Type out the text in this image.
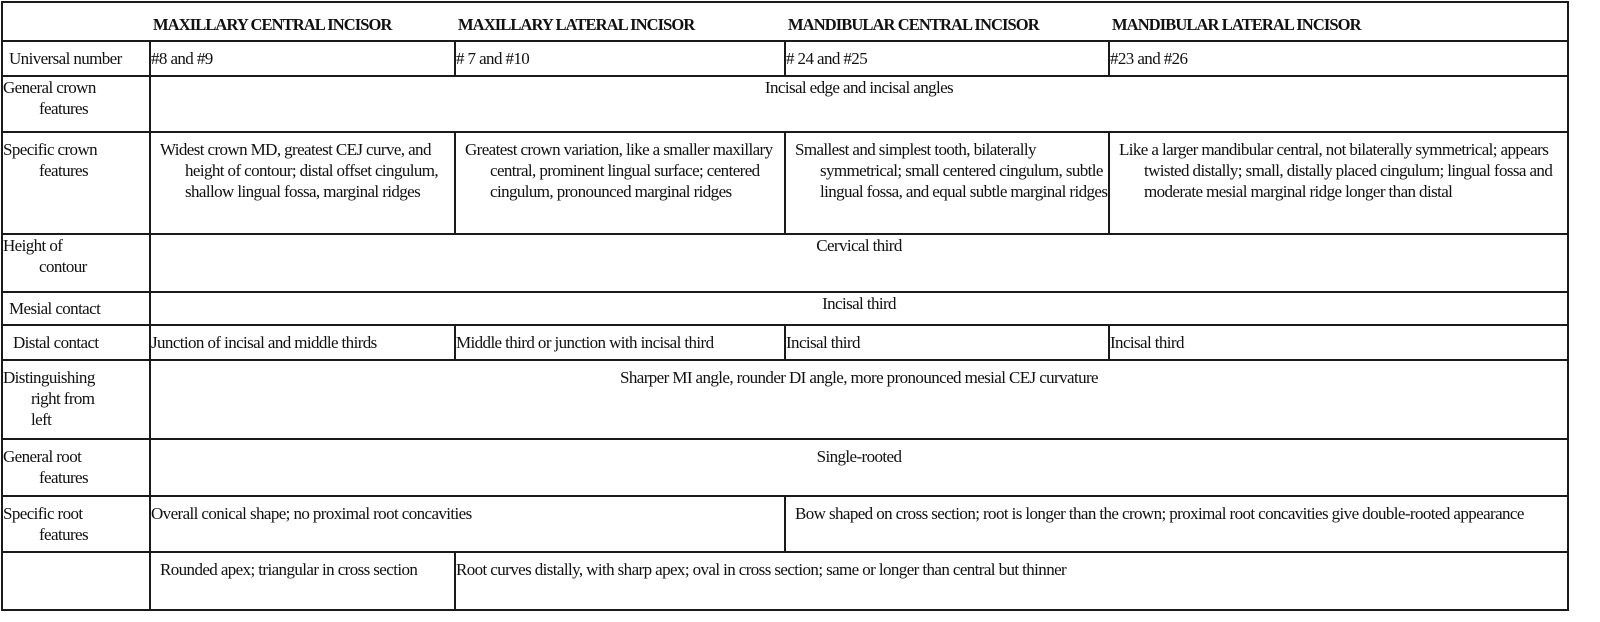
	MAXILLARY CENTRAL INCISOR	MAXILLARY LATERAL INCISOR	MANDIBULAR CENTRAL INCISOR	MANDIBULAR LATERAL INCISOR
Universal number	#8 and #9	# 7 and #10	# 24 and #25	#23 and #26
General crown
features	Incisal edge and incisal angles			
Specific crown
features	Widest crown MD, greatest CEJ curve, and height of contour; distal offset cingulum, shallow lingual fossa, marginal ridges	Greatest crown variation, like a smaller maxillary central, prominent lingual surface; centered cingulum, pronounced marginal ridges	Smallest and simplest tooth, bilaterally symmetrical; small centered cingulum, subtle lingual fossa, and equal subtle marginal ridges	Like a larger mandibular central, not bilaterally symmetrical; appears twisted distally; small, distally placed cingulum; lingual fossa and moderate mesial marginal ridge longer than distal

Height of
contour	Cervical third			
Mesial contact	Incisal third			
Distal contact	Junction of incisal and middle thirds	Middle third or junction with incisal third	Incisal third	Incisal third
Distinguishing
right from
left	Sharper MI angle, rounder DI angle, more pronounced mesial CEJ curvature			
General root
features	Single-rooted			
Specific root
features	Overall conical shape; no proximal root concavities		Bow shaped on cross section; root is longer than the crown; proximal root concavities give double-rooted appearance	

	Rounded apex; triangular in cross section	Root curves distally, with sharp apex; oval in cross section; same or longer than central but thinner		
